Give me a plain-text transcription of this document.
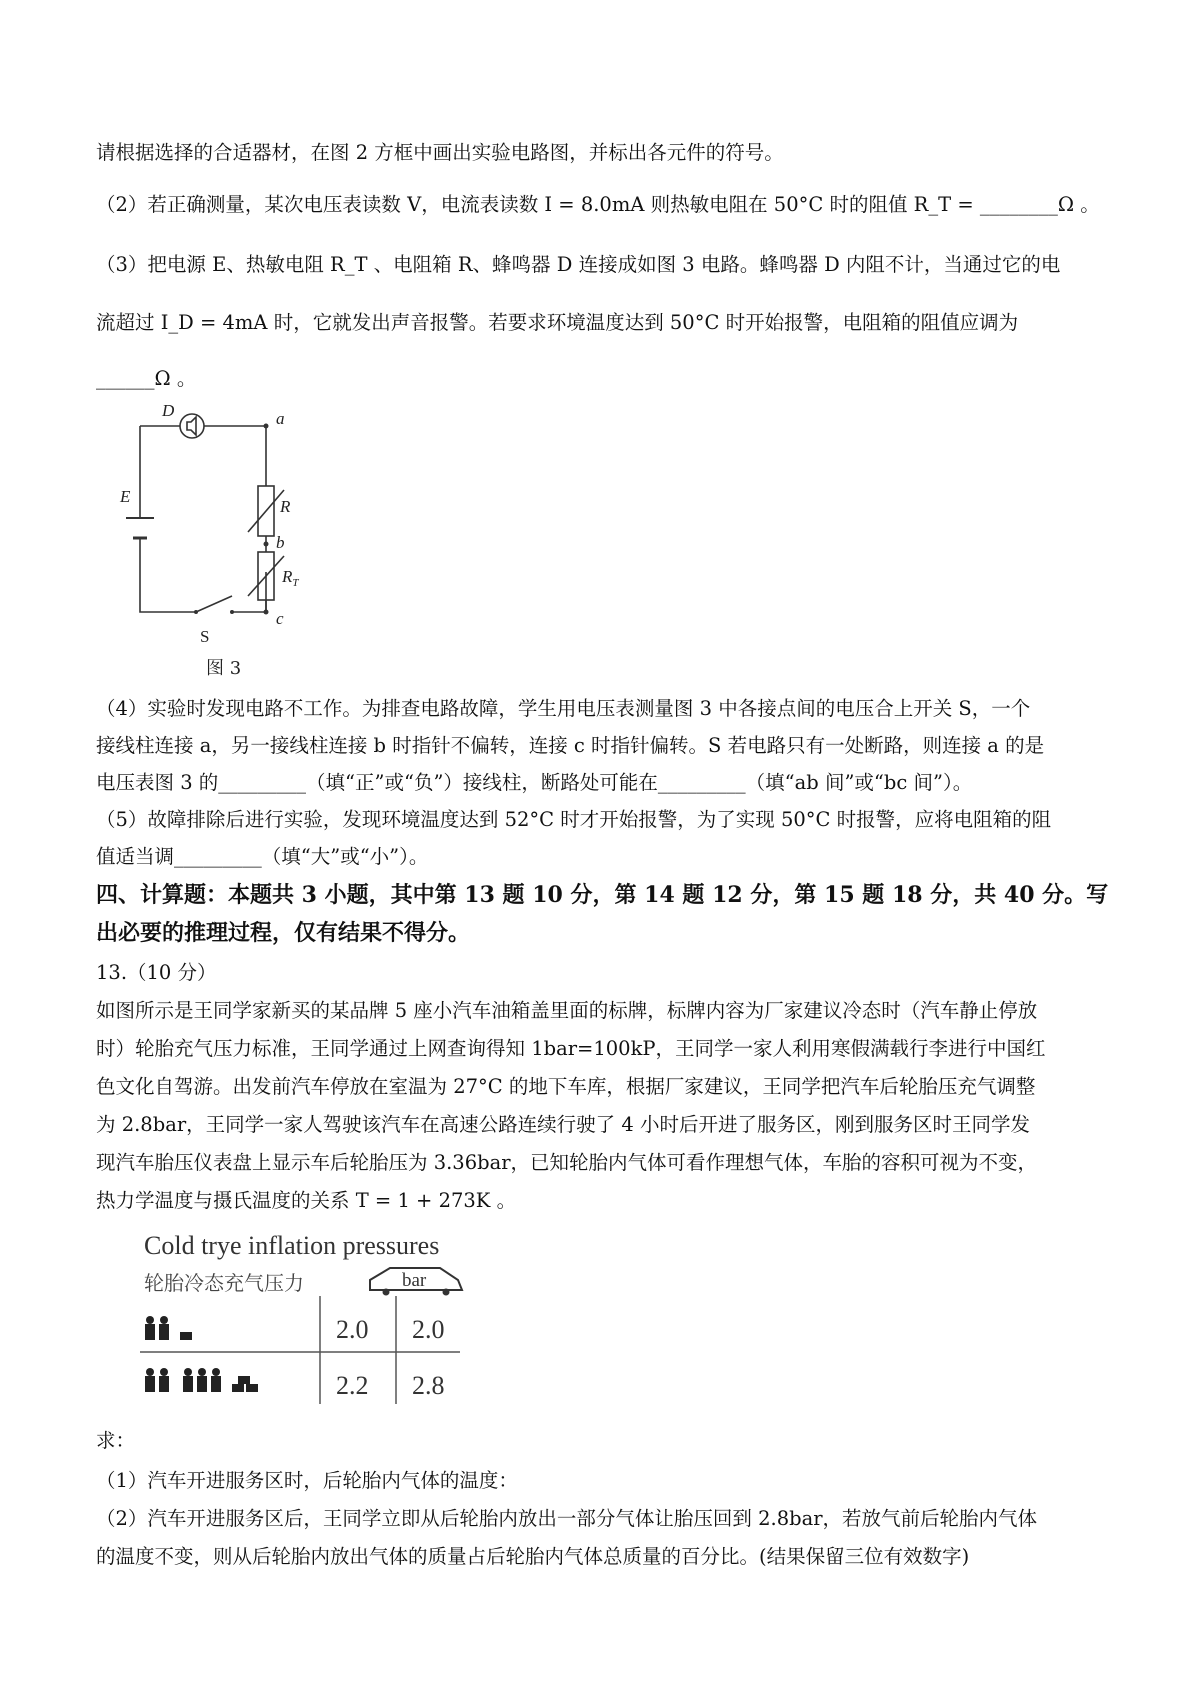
请根据选择的合适器材，在图 2 方框中画出实验电路图，并标出各元件的符号。

（2）若正确测量，某次电压表读数 V，电流表读数 I = 8.0mA 则热敏电阻在 50°C 时的阻值 R_T = ________Ω 。

（3）把电源 E、热敏电阻 R_T 、电阻箱 R、蜂鸣器 D 连接成如图 3 电路。蜂鸣器 D 内阻不计，当通过它的电

流超过 I_D = 4mA 时，它就发出声音报警。若要求环境温度达到 50°C 时开始报警，电阻箱的阻值应调为

______Ω 。

D	a
R
b
E
$R_T$
c
S
图 3

（4）实验时发现电路不工作。为排查电路故障，学生用电压表测量图 3 中各接点间的电压合上开关 S，一个

接线柱连接 a，另一接线柱连接 b 时指针不偏转，连接 c 时指针偏转。S 若电路只有一处断路，则连接 a 的是

电压表图 3 的_________（填“正”或“负”）接线柱，断路处可能在_________（填“ab 间”或“bc 间”）。

（5）故障排除后进行实验，发现环境温度达到 52°C 时才开始报警，为了实现 50°C 时报警，应将电阻箱的阻

值适当调_________（填“大”或“小”）。

四、计算题：本题共 3 小题，其中第 13 题 10 分，第 14 题 12 分，第 15 题 18 分，共 40 分。写

出必要的推理过程，仅有结果不得分。

13.（10 分）

如图所示是王同学家新买的某品牌 5 座小汽车油箱盖里面的标牌，标牌内容为厂家建议冷态时（汽车静止停放

时）轮胎充气压力标准，王同学通过上网查询得知 1bar=100kP，王同学一家人利用寒假满载行李进行中国红

色文化自驾游。出发前汽车停放在室温为 27°C 的地下车库，根据厂家建议，王同学把汽车后轮胎压充气调整

为 2.8bar，王同学一家人驾驶该汽车在高速公路连续行驶了 4 小时后开进了服务区，刚到服务区时王同学发

现汽车胎压仪表盘上显示车后轮胎压为 3.36bar，已知轮胎内气体可看作理想气体，车胎的容积可视为不变，

热力学温度与摄氏温度的关系 T = 1 + 273K 。

Cold trye inflation pressures
轮胎冷态充气压力	bar
2.0 2.0
2.2 2.8

求：

（1）汽车开进服务区时，后轮胎内气体的温度：

（2）汽车开进服务区后，王同学立即从后轮胎内放出一部分气体让胎压回到 2.8bar，若放气前后轮胎内气体

的温度不变，则从后轮胎内放出气体的质量占后轮胎内气体总质量的百分比。(结果保留三位有效数字)
